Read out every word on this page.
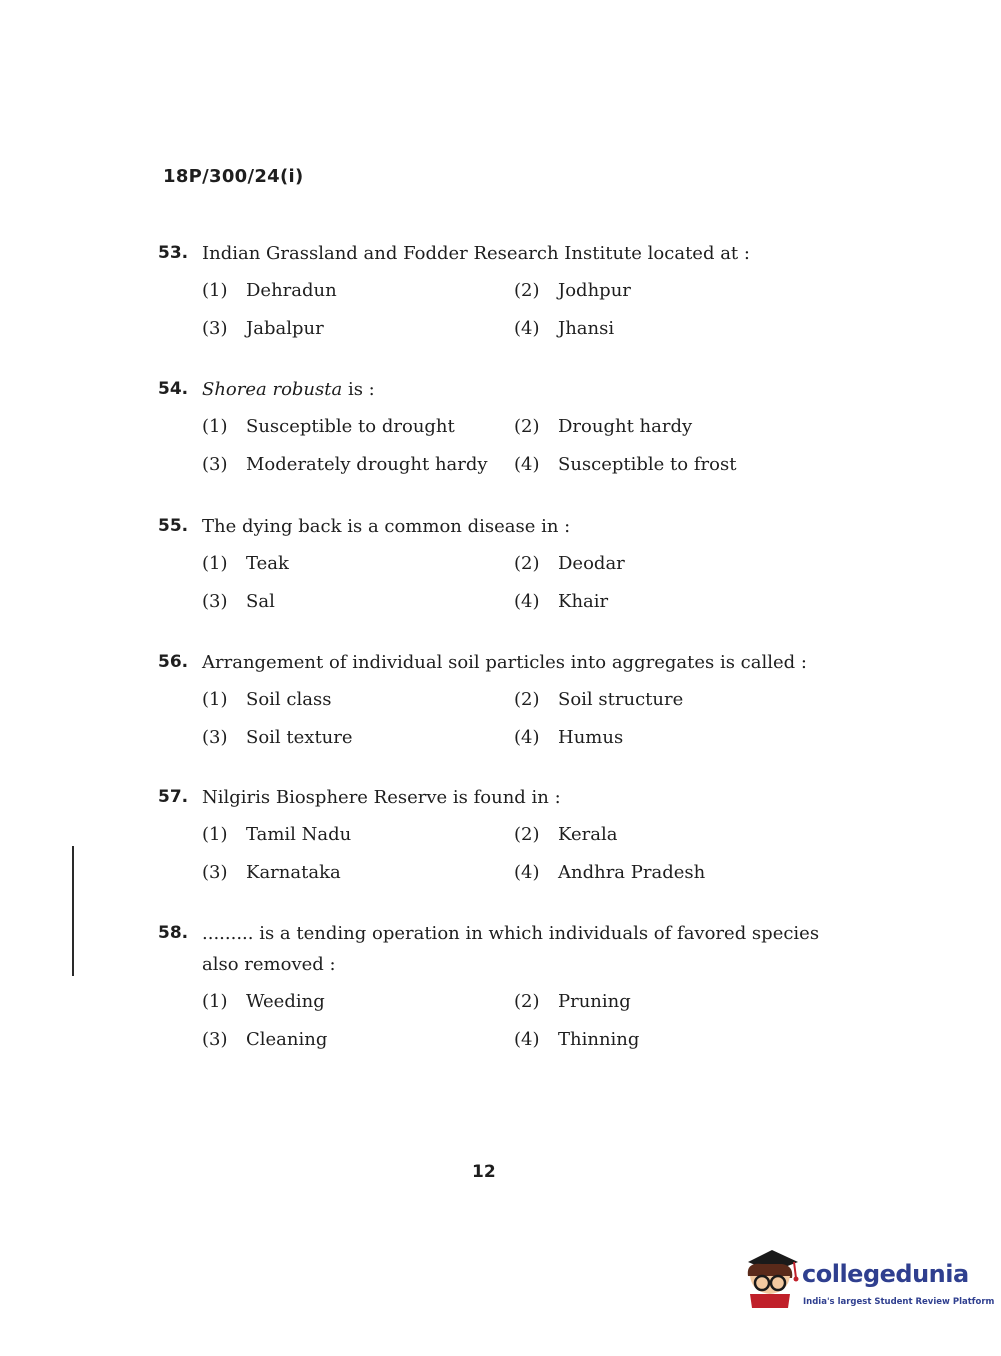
18P/300/24(i)
53. Indian Grassland and Fodder Research Institute located at :
(1)	Dehradun	(2)	Jodhpur
(3)	Jabalpur	(4)	Jhansi
54. Shorea robusta is :
(1)	Susceptible to drought	(2)	Drought hardy
(3)	Moderately drought hardy (4)	Susceptible to frost
55. The dying back is a common disease in :
(1)	Teak	(2)	Deodar
(3)	Sal	(4)	Khair
56. Arrangement of individual soil particles into aggregates is called :
(1)	Soil class	(2)	Soil structure
(3)	Soil texture	(4)	Humus
57. Nilgiris Biosphere Reserve is found in :
(1)	Tamil Nadu	(2)	Kerala
(3)	Karnataka	(4)	Andhra Pradesh
58. ......... is a tending operation in which individuals of favored species also removed :
(1)	Weeding	(2)	Pruning
(3)	Cleaning	(4)	Thinning
12
collegedunia
India's largest Student Review Platform
